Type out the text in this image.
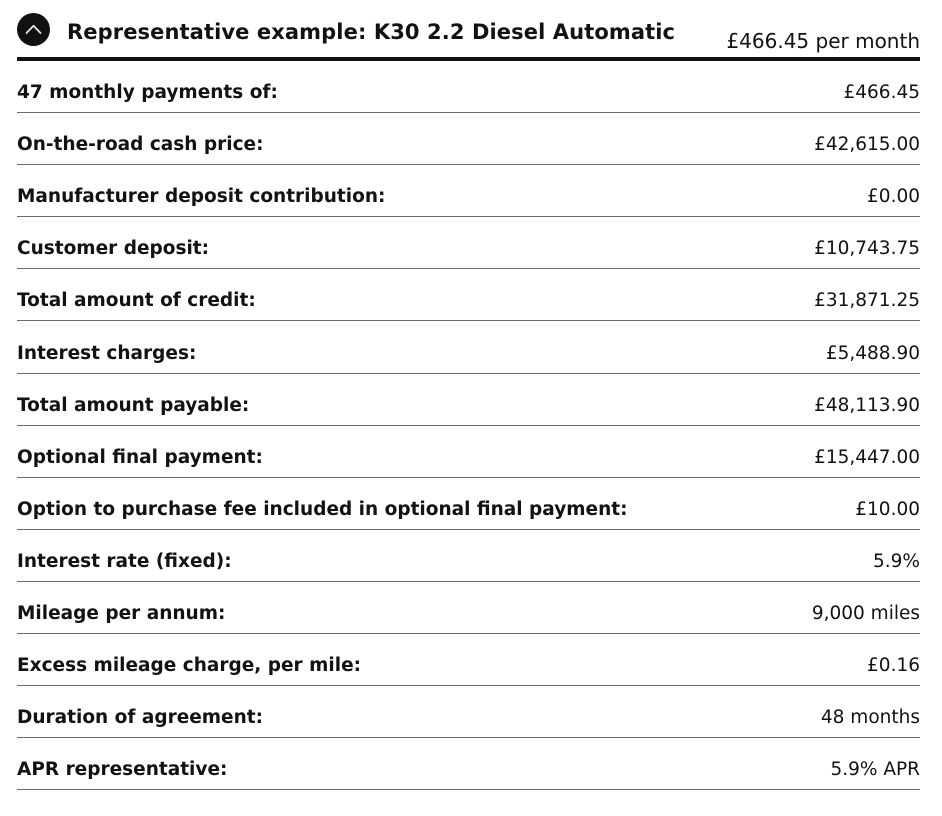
Representative example: K30 2.2 Diesel Automatic	£466.45 per month
47 monthly payments of:	£466.45
On-the-road cash price:	£42,615.00
Manufacturer deposit contribution:	£0.00
Customer deposit:	£10,743.75
Total amount of credit:	£31,871.25
Interest charges:	£5,488.90
Total amount payable:	£48,113.90
Optional final payment:	£15,447.00
Option to purchase fee included in optional final payment:	£10.00
Interest rate (fixed):	5.9%
Mileage per annum:	9,000 miles
Excess mileage charge, per mile:	£0.16
Duration of agreement:	48 months
APR representative:	5.9% APR
